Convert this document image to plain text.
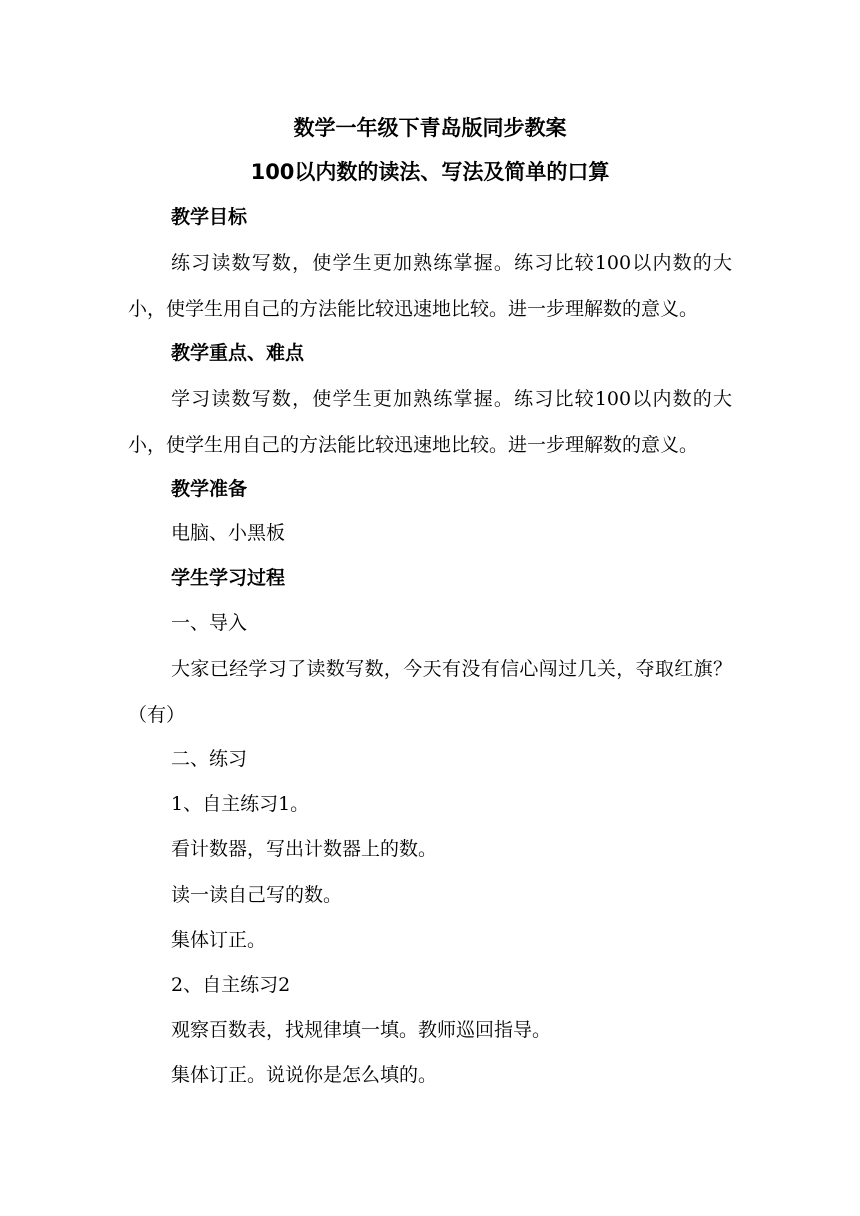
数学一年级下青岛版同步教案
100以内数的读法、写法及简单的口算
教学目标
练习读数写数，使学生更加熟练掌握。练习比较100以内数的大小，使学生用自己的方法能比较迅速地比较。进一步理解数的意义。
教学重点、难点
学习读数写数，使学生更加熟练掌握。练习比较100以内数的大小，使学生用自己的方法能比较迅速地比较。进一步理解数的意义。
教学准备
电脑、小黑板
学生学习过程
一、导入
大家已经学习了读数写数，今天有没有信心闯过几关，夺取红旗？（有）
二、练习
1、自主练习1。
看计数器，写出计数器上的数。
读一读自己写的数。
集体订正。
2、自主练习2
观察百数表，找规律填一填。教师巡回指导。
集体订正。说说你是怎么填的。
